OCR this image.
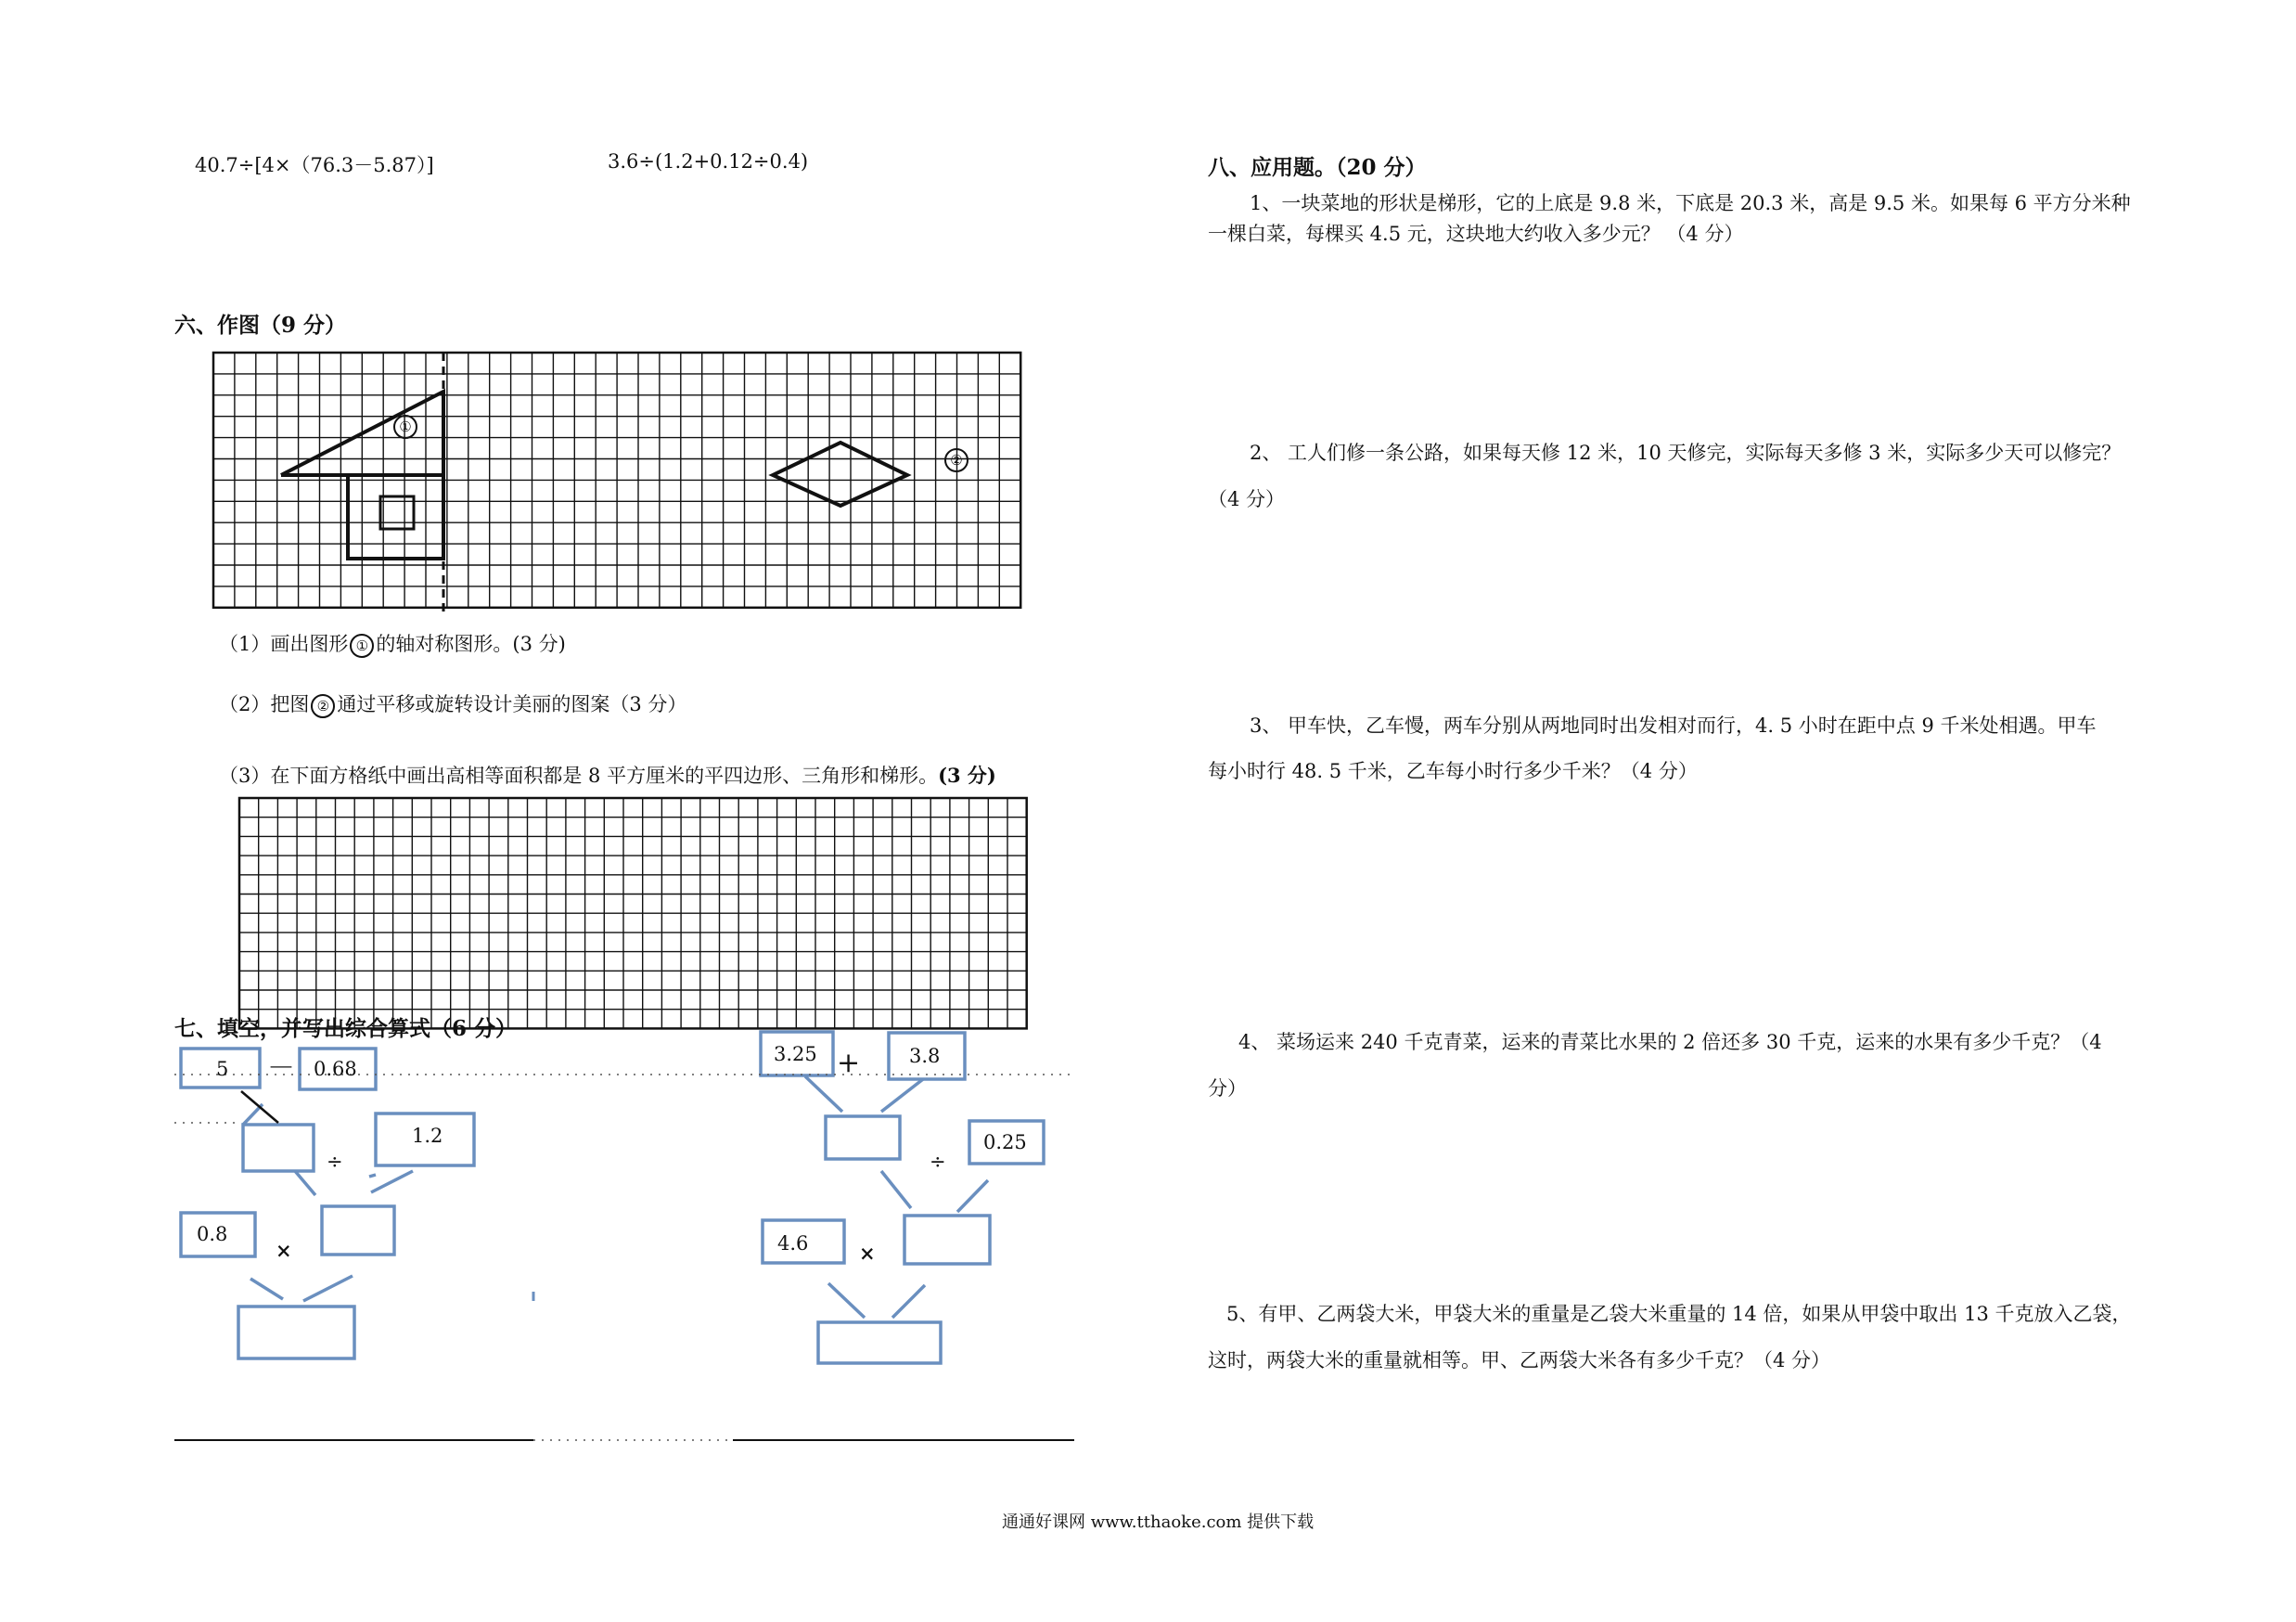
40.7÷[4×（76.3－5.87）]	3.6÷(1.2+0.12÷0.4)
六、作图（9 分）
①
②
（1）画出图形 ① 的轴对称图形。(3 分)
（2）把图 ② 通过平移或旋转设计美丽的图案（3 分）
（3）在下面方格纸中画出高相等面积都是 8 平方厘米的平四边形、三角形和梯形。(3 分)
七、填空，并写出综合算式（6 分）
5 － 0.68
1.2
÷
0.8
×
3.25 +	3.8
0.25
÷
4.6	×
八、应用题。（20 分）
1、一块菜地的形状是梯形，它的上底是 9.8 米，下底是 20.3 米，高是 9.5 米。如果每 6 平方分米种
一棵白菜，每棵买 4.5 元，这块地大约收入多少元？ （4 分）
2、 工人们修一条公路，如果每天修 12 米，10 天修完，实际每天多修 3 米，实际多少天可以修完？
（4 分）
3、 甲车快，乙车慢，两车分别从两地同时出发相对而行，4. 5 小时在距中点 9 千米处相遇。甲车
每小时行 48. 5 千米，乙车每小时行多少千米？（4 分）
4、 菜场运来 240 千克青菜，运来的青菜比水果的 2 倍还多 30 千克，运来的水果有多少千克？（4
分）
5、有甲、乙两袋大米，甲袋大米的重量是乙袋大米重量的 14 倍，如果从甲袋中取出 13 千克放入乙袋，
这时，两袋大米的重量就相等。甲、乙两袋大米各有多少千克？（4 分）
通通好课网 www.tthaoke.com 提供下载
